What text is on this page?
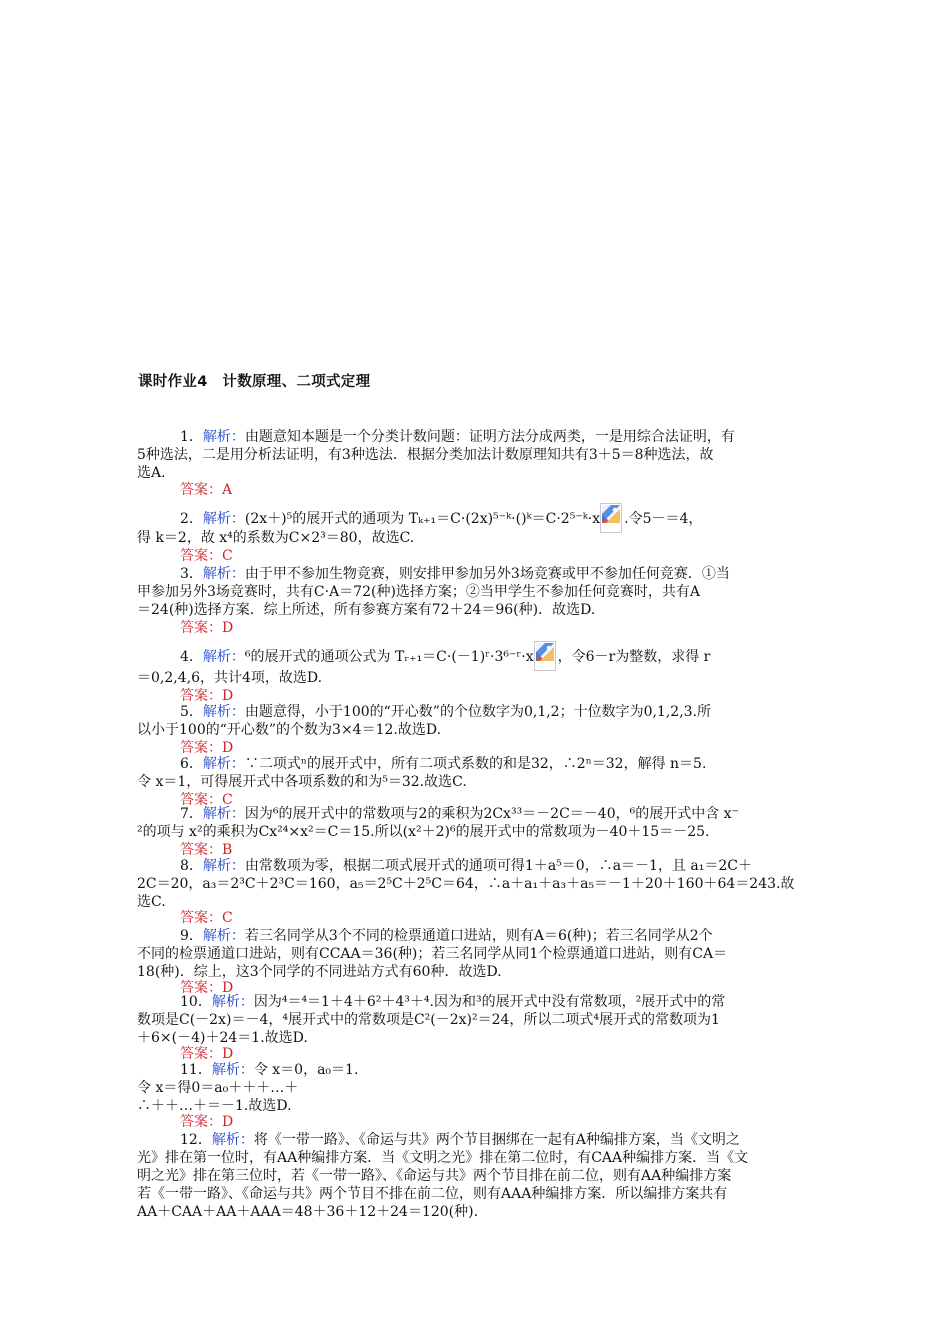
课时作业4　计数原理、二项式定理
1．解析：由题意知本题是一个分类计数问题：证明方法分成两类，一是用综合法证明，有
5种选法，二是用分析法证明，有3种选法．根据分类加法计数原理知共有3＋5＝8种选法，故
选A.
答案：A
2．解析：(2x＋)⁵的展开式的通项为 Tₖ₊₁＝C·(2x)⁵⁻ᵏ·()ᵏ＝C·2⁵⁻ᵏ·x .令5－＝4，
得 k＝2，故 x⁴的系数为C×2³＝80，故选C.
答案：C
3．解析：由于甲不参加生物竞赛，则安排甲参加另外3场竞赛或甲不参加任何竞赛．①当
甲参加另外3场竞赛时，共有C·A＝72(种)选择方案；②当甲学生不参加任何竞赛时，共有A
＝24(种)选择方案．综上所述，所有参赛方案有72＋24＝96(种)．故选D.
答案：D
4．解析：⁶的展开式的通项公式为 Tᵣ₊₁＝C·(－1)ʳ·3⁶⁻ʳ·x ，令6－r为整数，求得 r
＝0,2,4,6，共计4项，故选D.
答案：D
5．解析：由题意得，小于100的“开心数”的个位数字为0,1,2；十位数字为0,1,2,3.所
以小于100的“开心数”的个数为3×4＝12.故选D.
答案：D
6．解析：∵二项式ⁿ的展开式中，所有二项式系数的和是32，∴2ⁿ＝32，解得 n＝5.
令 x＝1，可得展开式中各项系数的和为⁵＝32.故选C.
答案：C
7．解析：因为⁶的展开式中的常数项与2的乘积为2Cx³³＝－2C＝－40，⁶的展开式中含 x⁻
²的项与 x²的乘积为Cx²⁴×x²＝C＝15.所以(x²＋2)⁶的展开式中的常数项为－40＋15＝－25.
答案：B
8．解析：由常数项为零，根据二项式展开式的通项可得1＋a⁵＝0，∴a＝－1，且 a₁＝2C＋
2C＝20，a₃＝2³C＋2³C＝160，a₅＝2⁵C＋2⁵C＝64，∴a＋a₁＋a₃＋a₅＝－1＋20＋160＋64＝243.故
选C.
答案：C
9．解析：若三名同学从3个不同的检票通道口进站，则有A＝6(种)；若三名同学从2个
不同的检票通道口进站，则有CCAA＝36(种)；若三名同学从同1个检票通道口进站，则有CA＝
18(种)．综上，这3个同学的不同进站方式有60种．故选D.
答案：D
10．解析：因为⁴＝⁴＝1＋4＋6²＋4³＋⁴.因为和³的展开式中没有常数项，²展开式中的常
数项是C(－2x)＝－4，⁴展开式中的常数项是C²(－2x)²＝24，所以二项式⁴展开式的常数项为1
＋6×(－4)＋24＝1.故选D.
答案：D
11．解析：令 x＝0，a₀＝1.
令 x＝得0＝a₀＋＋＋…＋
∴＋＋…＋＝－1.故选D.
答案：D
12．解析：将《一带一路》、《命运与共》两个节目捆绑在一起有A种编排方案，当《文明之
光》排在第一位时，有AA种编排方案．当《文明之光》排在第二位时，有CAA种编排方案．当《文
明之光》排在第三位时，若《一带一路》、《命运与共》两个节目排在前二位，则有AA种编排方案
若《一带一路》、《命运与共》两个节目不排在前二位，则有AAA种编排方案．所以编排方案共有
AA＋CAA＋AA＋AAA＝48＋36＋12＋24＝120(种).
